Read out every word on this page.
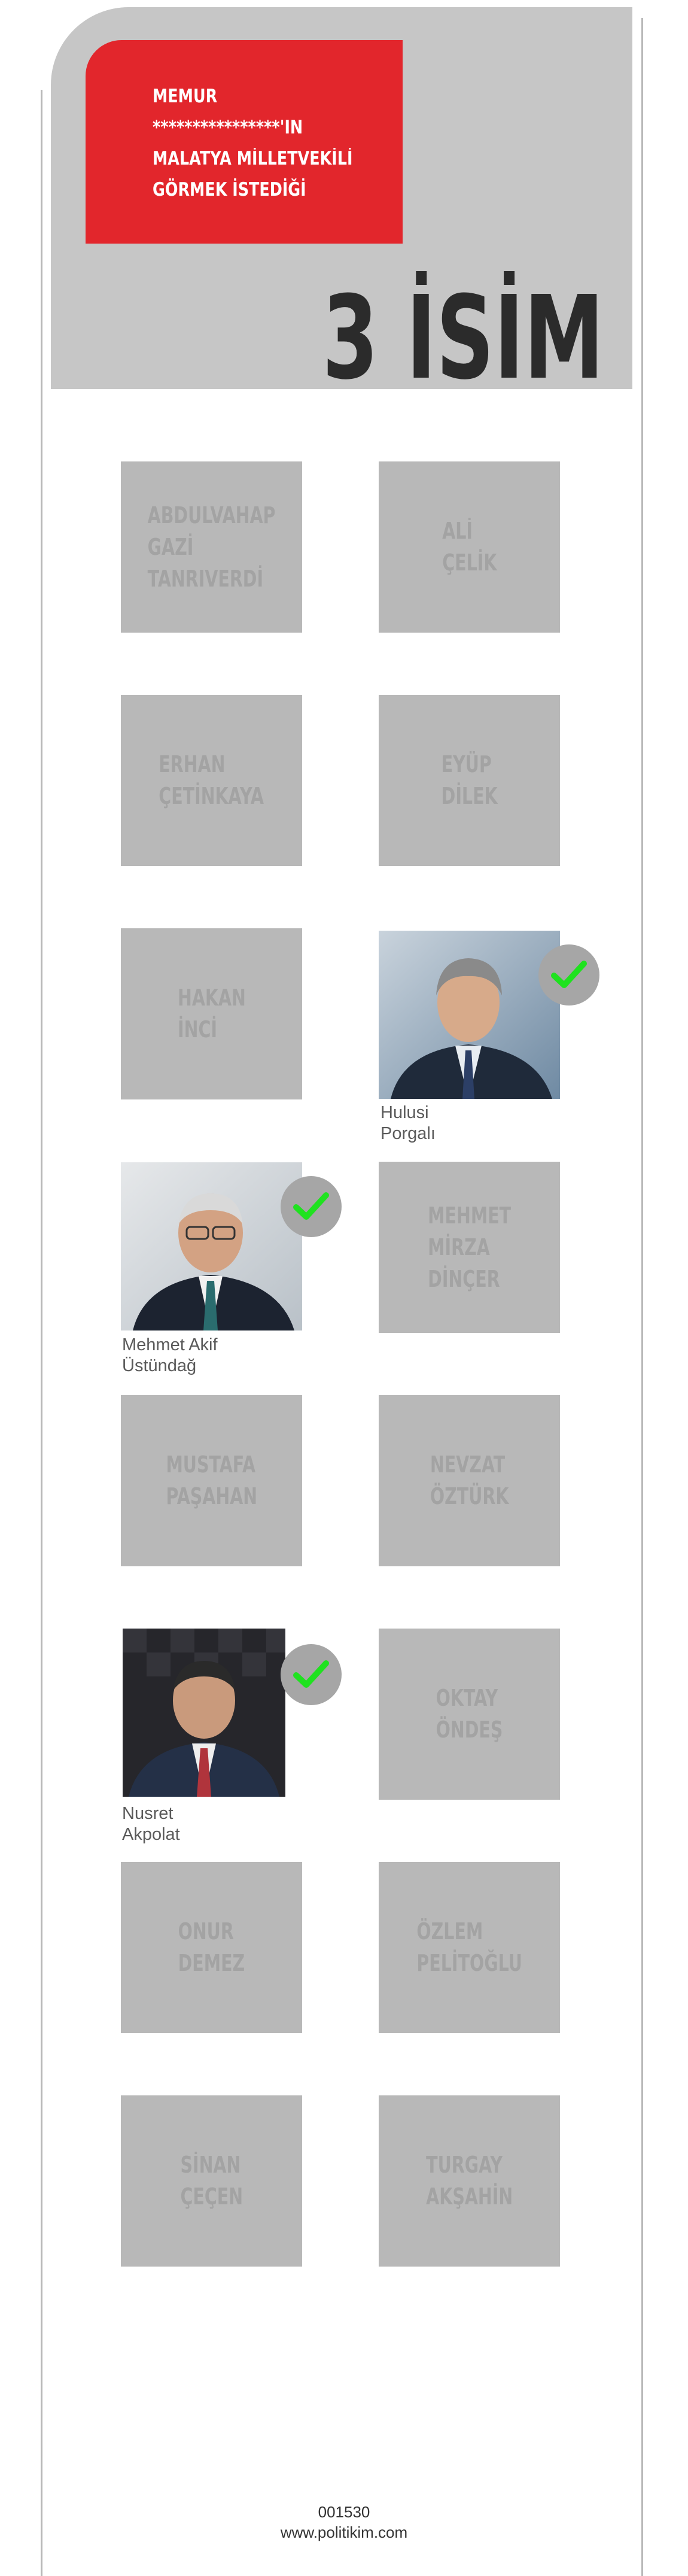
MEMUR
****************'IN
MALATYA MİLLETVEKİLİ
GÖRMEK İSTEDİĞİ
3 İSİM
ABDULVAHAP
GAZİ
TANRIVERDİ
ALİ
ÇELİK
ERHAN
ÇETİNKAYA
EYÜP
DİLEK
HAKAN
İNCİ
Hulusi
Porgalı
Mehmet Akif
Üstündağ
MEHMET
MİRZA
DİNÇER
MUSTAFA
PAŞAHAN
NEVZAT
ÖZTÜRK
Nusret
Akpolat
OKTAY
ÖNDEŞ
ONUR
DEMEZ
ÖZLEM
PELİTOĞLU
SİNAN
ÇEÇEN
TURGAY
AKŞAHİN
001530
www.politikim.com
